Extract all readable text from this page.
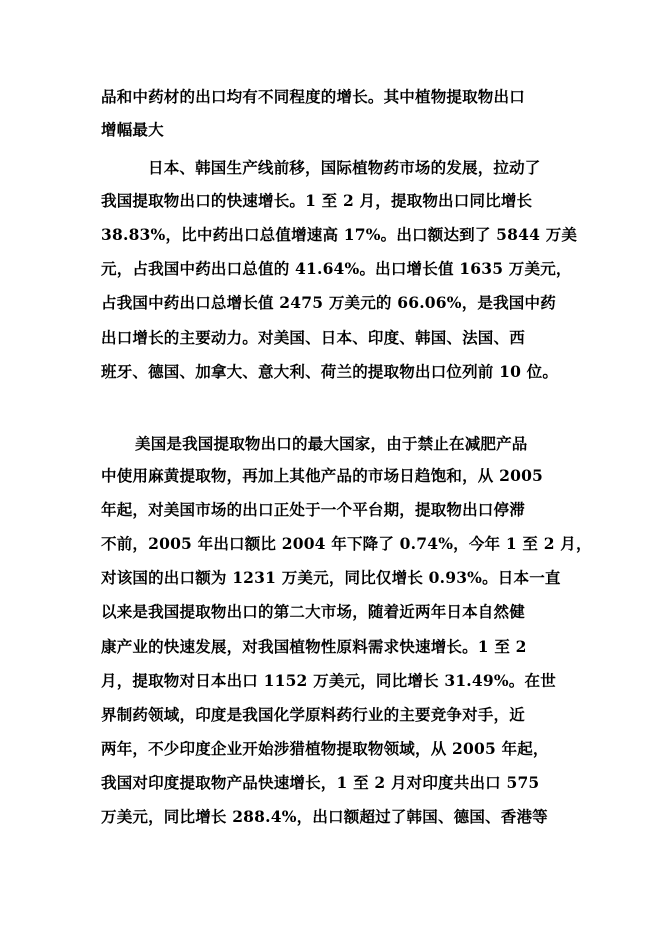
品和中药材的出口均有不同程度的增长。其中植物提取物出口
增幅最大
日本、韩国生产线前移，国际植物药市场的发展，拉动了
我国提取物出口的快速增长。1 至 2 月，提取物出口同比增长
38.83%，比中药出口总值增速高 17%。出口额达到了 5844 万美
元，占我国中药出口总值的 41.64%。出口增长值 1635 万美元，
占我国中药出口总增长值 2475 万美元的 66.06%，是我国中药
出口增长的主要动力。对美国、日本、印度、韩国、法国、西
班牙、德国、加拿大、意大利、荷兰的提取物出口位列前 10 位。
美国是我国提取物出口的最大国家，由于禁止在减肥产品
中使用麻黄提取物，再加上其他产品的市场日趋饱和，从 2005
年起，对美国市场的出口正处于一个平台期，提取物出口停滞
不前，2005 年出口额比 2004 年下降了 0.74%，今年 1 至 2 月，
对该国的出口额为 1231 万美元，同比仅增长 0.93%。日本一直
以来是我国提取物出口的第二大市场，随着近两年日本自然健
康产业的快速发展，对我国植物性原料需求快速增长。1 至 2
月，提取物对日本出口 1152 万美元，同比增长 31.49%。在世
界制药领域，印度是我国化学原料药行业的主要竞争对手，近
两年，不少印度企业开始涉猎植物提取物领域，从 2005 年起，
我国对印度提取物产品快速增长，1 至 2 月对印度共出口 575
万美元，同比增长 288.4%，出口额超过了韩国、德国、香港等
